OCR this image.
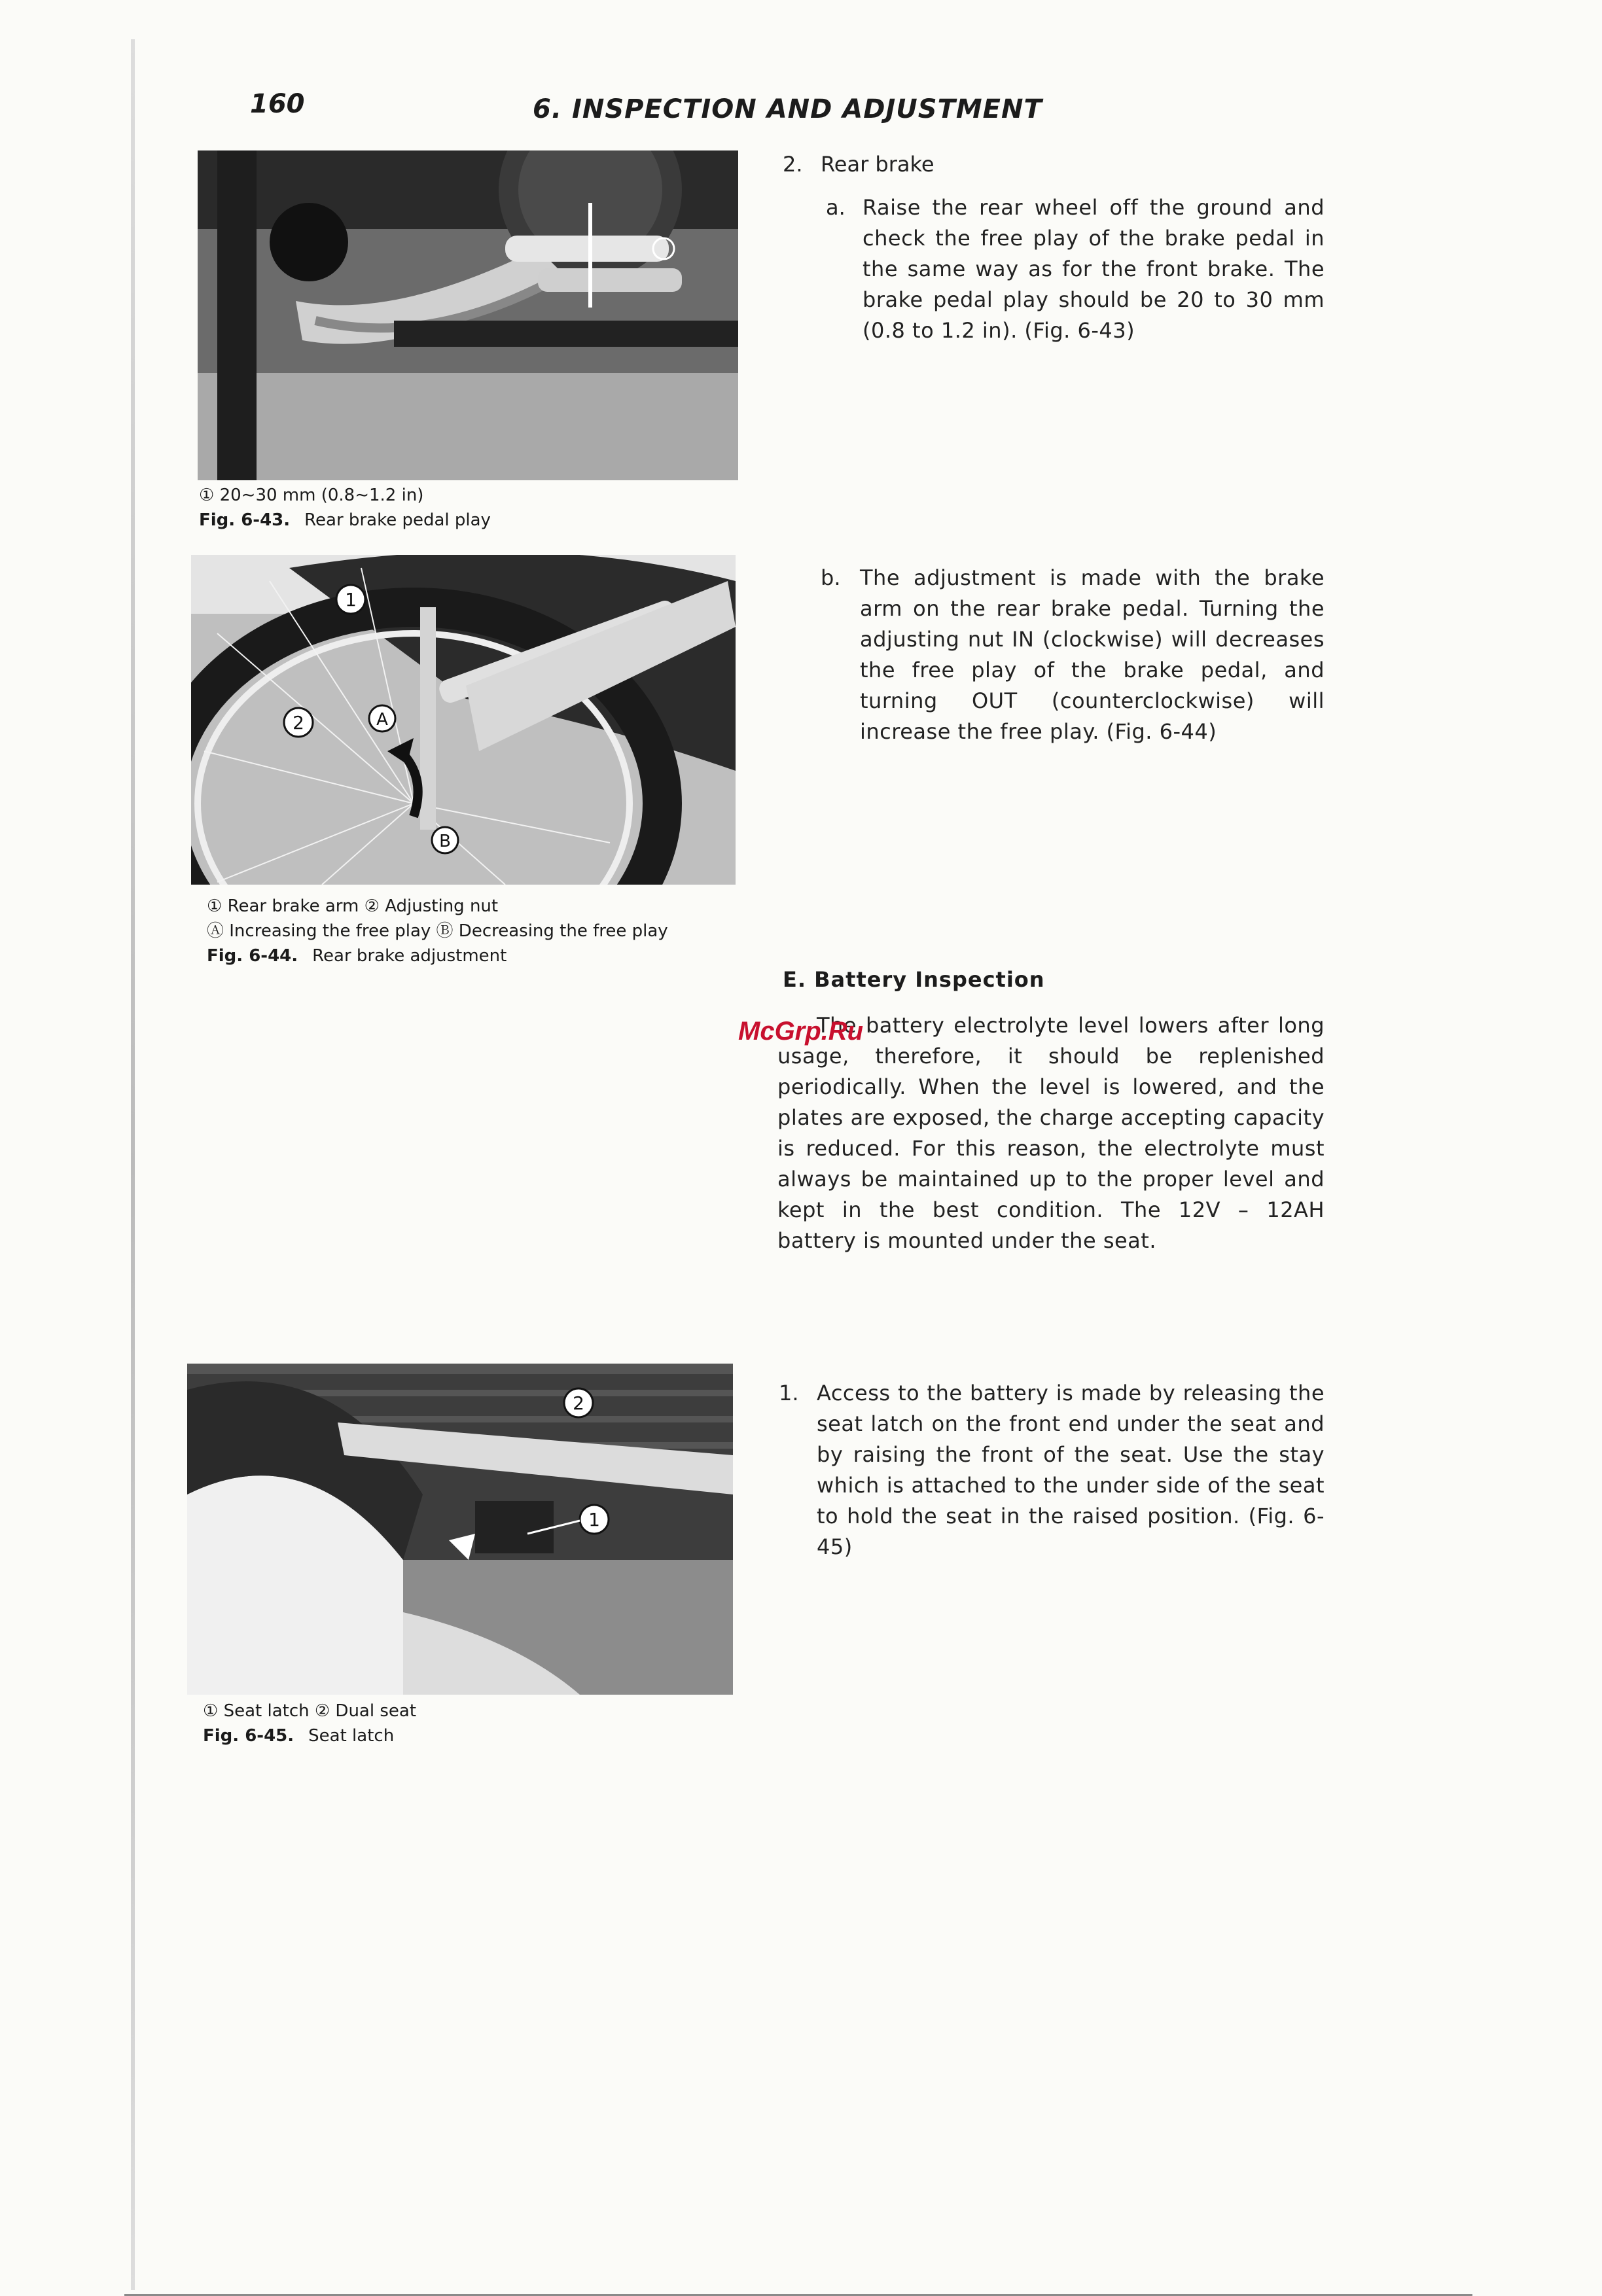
160	6. INSPECTION AND ADJUSTMENT
① 20∼30 mm (0.8∼1.2 in)
Fig. 6-43. Rear brake pedal play
1
2	A
B
① Rear brake arm ② Adjusting nut
Ⓐ Increasing the free play Ⓑ Decreasing the free play
Fig. 6-44. Rear brake adjustment
2
1
① Seat latch ② Dual seat
Fig. 6-45. Seat latch
2. Rear brake
a. Raise the rear wheel off the ground and check the free play of the brake pedal in the same way as for the front brake. The brake pedal play should be 20 to 30 mm (0.8 to 1.2 in). (Fig. 6-43)
b. The adjustment is made with the brake arm on the rear brake pedal. Turning the adjusting nut IN (clockwise) will decreases the free play of the brake pedal, and turning OUT (counterclockwise) will increase the free play. (Fig. 6-44)
E. Battery Inspection
The battery electrolyte level lowers after long usage, therefore, it should be replenished periodically. When the level is lowered, and the plates are exposed, the charge accepting capacity is reduced. For this reason, the electrolyte must always be maintained up to the proper level and kept in the best condition. The 12V – 12AH battery is mounted under the seat.
McGrp.Ru
1. Access to the battery is made by releasing the seat latch on the front end under the seat and by raising the front of the seat. Use the stay which is attached to the under side of the seat to hold the seat in the raised position. (Fig. 6-45)
